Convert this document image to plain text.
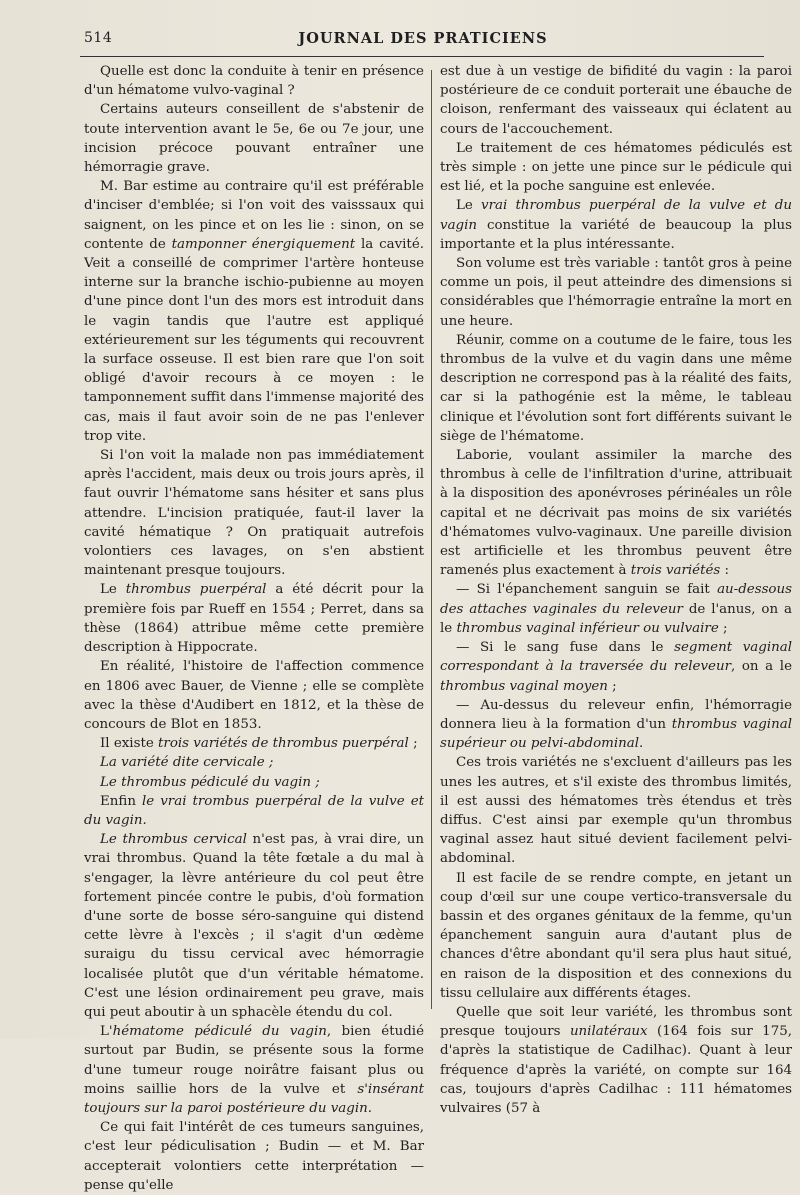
514	JOURNAL DES PRATICIENS

Quelle est donc la conduite à tenir en présence d'un hématome vulvo-vaginal ?

Certains auteurs conseillent de s'abstenir de toute intervention avant le 5e, 6e ou 7e jour, une incision précoce pouvant entraîner une hémorragie grave.

M. Bar estime au contraire qu'il est préférable d'inciser d'emblée; si l'on voit des vaisssaux qui saignent, on les pince et on les lie : sinon, on se contente de tamponner énergiquement la cavité. Veit a conseillé de comprimer l'artère honteuse interne sur la branche ischio-pubienne au moyen d'une pince dont l'un des mors est introduit dans le vagin tandis que l'autre est appliqué extérieurement sur les téguments qui recouvrent la surface osseuse. Il est bien rare que l'on soit obligé d'avoir recours à ce moyen : le tamponnement suffit dans l'immense majorité des cas, mais il faut avoir soin de ne pas l'enlever trop vite.

Si l'on voit la malade non pas immédiatement après l'accident, mais deux ou trois jours après, il faut ouvrir l'hématome sans hésiter et sans plus attendre. L'incision pratiquée, faut-il laver la cavité hématique ? On pratiquait autrefois volontiers ces lavages, on s'en abstient maintenant presque toujours.

Le thrombus puerpéral a été décrit pour la première fois par Rueff en 1554 ; Perret, dans sa thèse (1864) attribue même cette première description à Hippocrate.

En réalité, l'histoire de l'affection commence en 1806 avec Bauer, de Vienne ; elle se complète avec la thèse d'Audibert en 1812, et la thèse de concours de Blot en 1853.

Il existe trois variétés de thrombus puerpéral ;

La variété dite cervicale ;

Le thrombus pédiculé du vagin ;

Enfin le vrai trombus puerpéral de la vulve et du vagin.

Le thrombus cervical n'est pas, à vrai dire, un vrai thrombus. Quand la tête fœtale a du mal à s'engager, la lèvre antérieure du col peut être fortement pincée contre le pubis, d'où formation d'une sorte de bosse séro-sanguine qui distend cette lèvre à l'excès ; il s'agit d'un œdème suraigu du tissu cervical avec hémorragie localisée plutôt que d'un véritable hématome. C'est une lésion ordinairement peu grave, mais qui peut aboutir à un sphacèle étendu du col.

L'hématome pédiculé du vagin, bien étudié surtout par Budin, se présente sous la forme d'une tumeur rouge noirâtre faisant plus ou moins saillie hors de la vulve et s'insérant toujours sur la paroi postérieure du vagin.

Ce qui fait l'intérêt de ces tumeurs sanguines, c'est leur pédiculisation ; Budin — et M. Bar accepterait volontiers cette interprétation — pense qu'elle

est due à un vestige de bifidité du vagin : la paroi postérieure de ce conduit porterait une ébauche de cloison, renfermant des vaisseaux qui éclatent au cours de l'accouchement.

Le traitement de ces hématomes pédiculés est très simple : on jette une pince sur le pédicule qui est lié, et la poche sanguine est enlevée.

Le vrai thrombus puerpéral de la vulve et du vagin constitue la variété de beaucoup la plus importante et la plus intéressante.

Son volume est très variable : tantôt gros à peine comme un pois, il peut atteindre des dimensions si considérables que l'hémorragie entraîne la mort en une heure.

Réunir, comme on a coutume de le faire, tous les thrombus de la vulve et du vagin dans une même description ne correspond pas à la réalité des faits, car si la pathogénie est la même, le tableau clinique et l'évolution sont fort différents suivant le siège de l'hématome.

Laborie, voulant assimiler la marche des thrombus à celle de l'infiltration d'urine, attribuait à la disposition des aponévroses périnéales un rôle capital et ne décrivait pas moins de six variétés d'hématomes vulvo-vaginaux. Une pareille division est artificielle et les thrombus peuvent être ramenés plus exactement à trois variétés :

— Si l'épanchement sanguin se fait au-dessous des attaches vaginales du releveur de l'anus, on a le thrombus vaginal inférieur ou vulvaire ;

— Si le sang fuse dans le segment vaginal correspondant à la traversée du releveur, on a le thrombus vaginal moyen ;

— Au-dessus du releveur enfin, l'hémorragie donnera lieu à la formation d'un thrombus vaginal supérieur ou pelvi-abdominal.

Ces trois variétés ne s'excluent d'ailleurs pas les unes les autres, et s'il existe des thrombus limités, il est aussi des hématomes très étendus et très diffus. C'est ainsi par exemple qu'un thrombus vaginal assez haut situé devient facilement pelvi-abdominal.

Il est facile de se rendre compte, en jetant un coup d'œil sur une coupe vertico-transversale du bassin et des organes génitaux de la femme, qu'un épanchement sanguin aura d'autant plus de chances d'être abondant qu'il sera plus haut situé, en raison de la disposition et des connexions du tissu cellulaire aux différents étages.

Quelle que soit leur variété, les thrombus sont presque toujours unilatéraux (164 fois sur 175, d'après la statistique de Cadilhac). Quant à leur fréquence d'après la variété, on compte sur 164 cas, toujours d'après Cadilhac : 111 hématomes vulvaires (57 à
